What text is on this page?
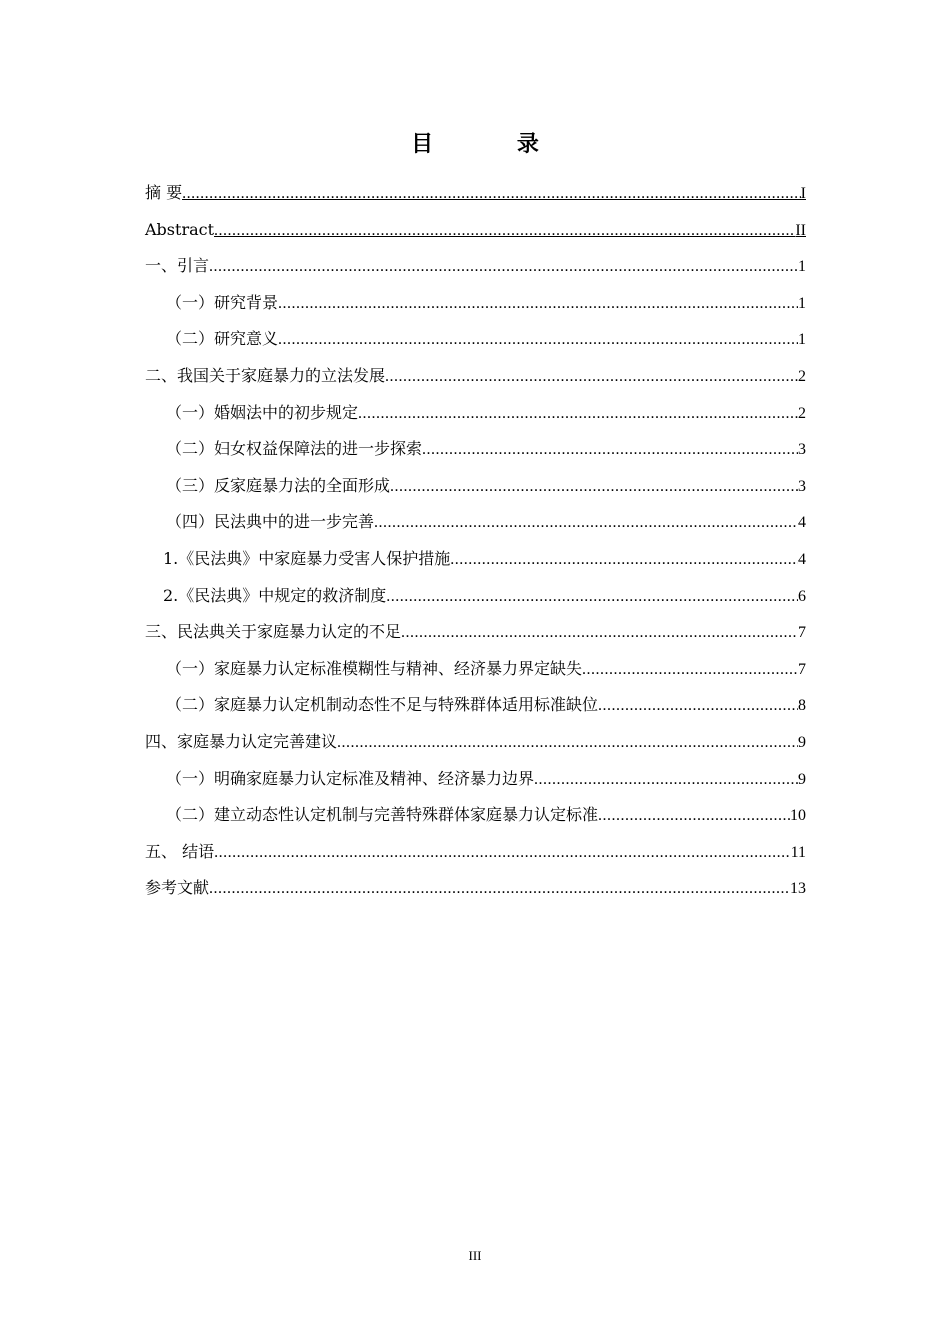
目 录
摘 要 .....	I
Abstract .....	II
一、引言 .....	1
（一）研究背景 .....	1
（二）研究意义 .....	1
二、我国关于家庭暴力的立法发展 .....	2
（一）婚姻法中的初步规定 .....	2
（二）妇女权益保障法的进一步探索 .....	3
（三）反家庭暴力法的全面形成 .....	3
（四）民法典中的进一步完善 .....	4
1.《民法典》中家庭暴力受害人保护措施 .....	4
2.《民法典》中规定的救济制度 .....	6
三、民法典关于家庭暴力认定的不足 .....	7
（一）家庭暴力认定标准模糊性与精神、经济暴力界定缺失 .....	7
（二）家庭暴力认定机制动态性不足与特殊群体适用标准缺位 .....	8
四、家庭暴力认定完善建议 .....	9
（一）明确家庭暴力认定标准及精神、经济暴力边界 .....	9
（二）建立动态性认定机制与完善特殊群体家庭暴力认定标准 .....	10
五、 结语 .....	11
参考文献 .....	13
III
